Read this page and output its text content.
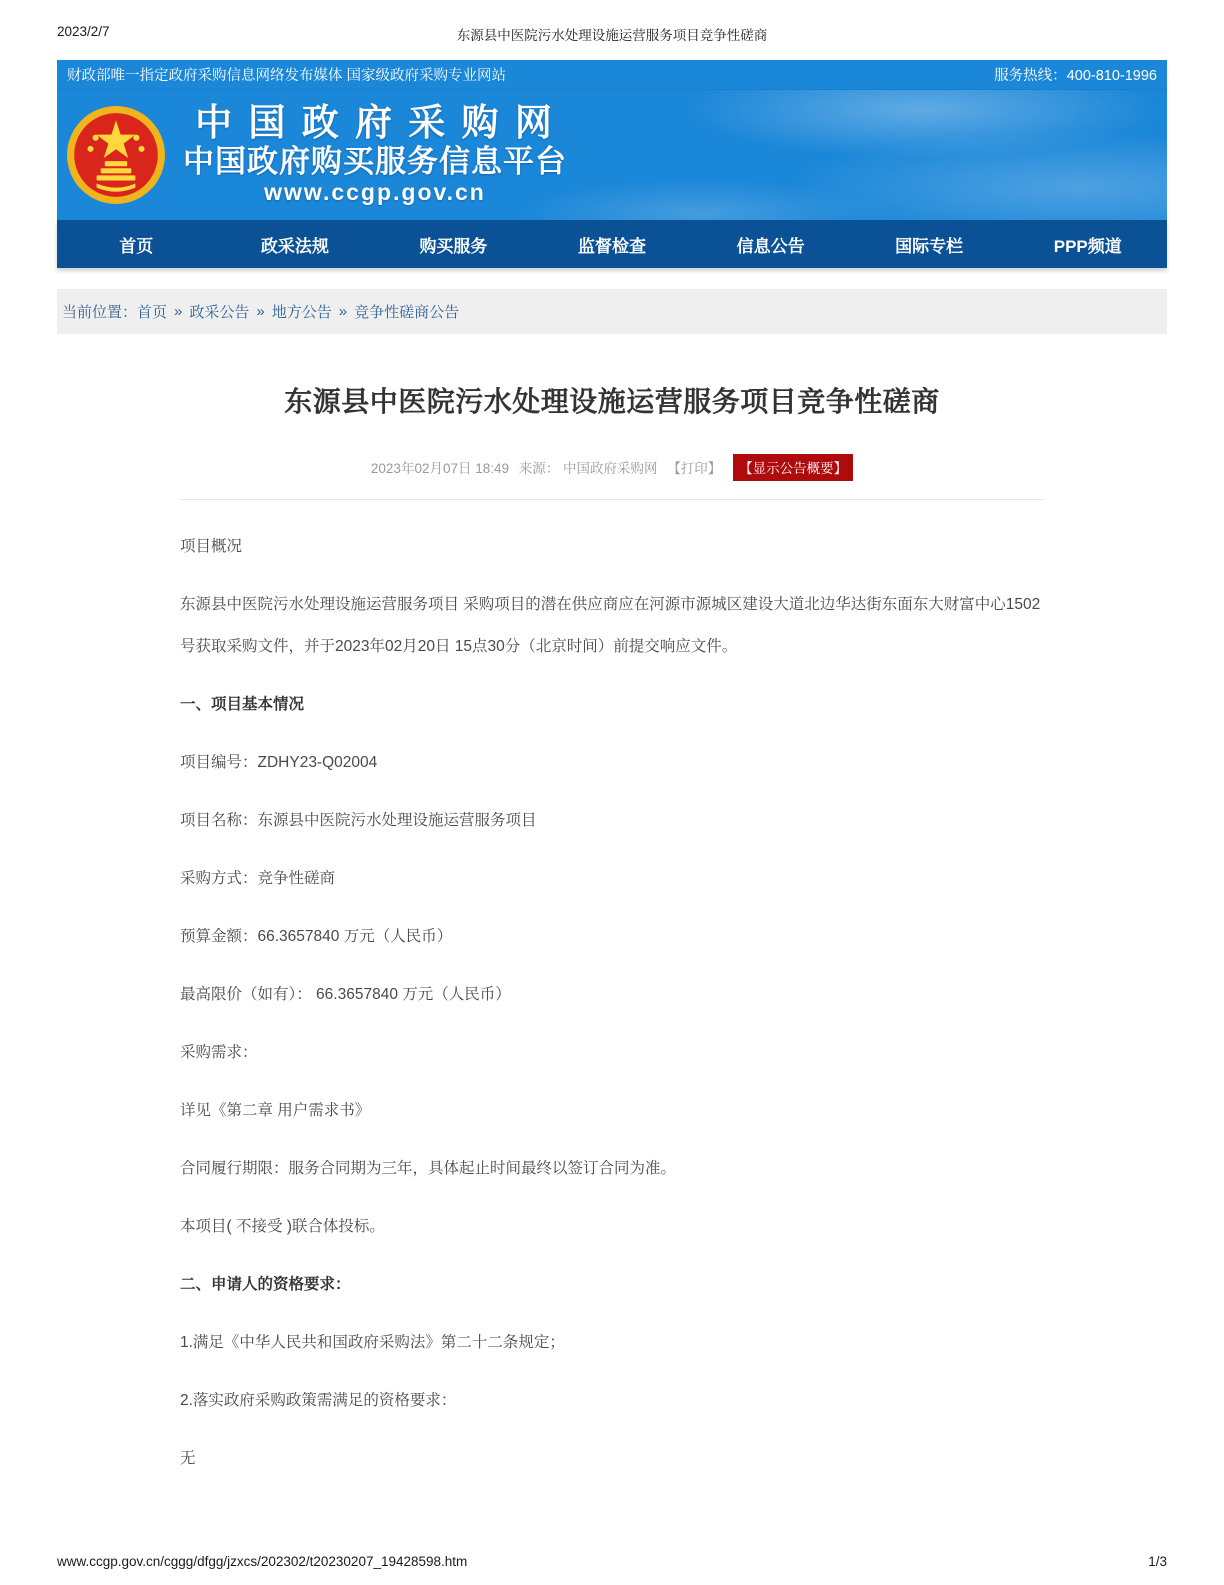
2023/2/7	东源县中医院污水处理设施运营服务项目竞争性磋商
财政部唯一指定政府采购信息网络发布媒体 国家级政府采购专业网站	服务热线：400-810-1996
中 国 政 府 采 购 网
中国政府购买服务信息平台
www.ccgp.gov.cn
首页	政采法规	购买服务	监督检查	信息公告	国际专栏	PPP频道
当前位置： 首页 » 政采公告 » 地方公告 » 竞争性磋商公告
东源县中医院污水处理设施运营服务项目竞争性磋商
2023年02月07日 18:49 来源： 中国政府采购网 【打印】 【显示公告概要】

项目概况

东源县中医院污水处理设施运营服务项目 采购项目的潜在供应商应在河源市源城区建设大道北边华达街东面东大财富中心1502号获取采购文件，并于2023年02月20日 15点30分（北京时间）前提交响应文件。

一、项目基本情况

项目编号：ZDHY23-Q02004

项目名称：东源县中医院污水处理设施运营服务项目

采购方式：竞争性磋商

预算金额：66.3657840 万元（人民币）

最高限价（如有）： 66.3657840 万元（人民币）

采购需求：

详见《第二章 用户需求书》

合同履行期限：服务合同期为三年，具体起止时间最终以签订合同为准。

本项目( 不接受 )联合体投标。

二、申请人的资格要求：

1.满足《中华人民共和国政府采购法》第二十二条规定；

2.落实政府采购政策需满足的资格要求：

无

www.ccgp.gov.cn/cggg/dfgg/jzxcs/202302/t20230207_19428598.htm	1/3
